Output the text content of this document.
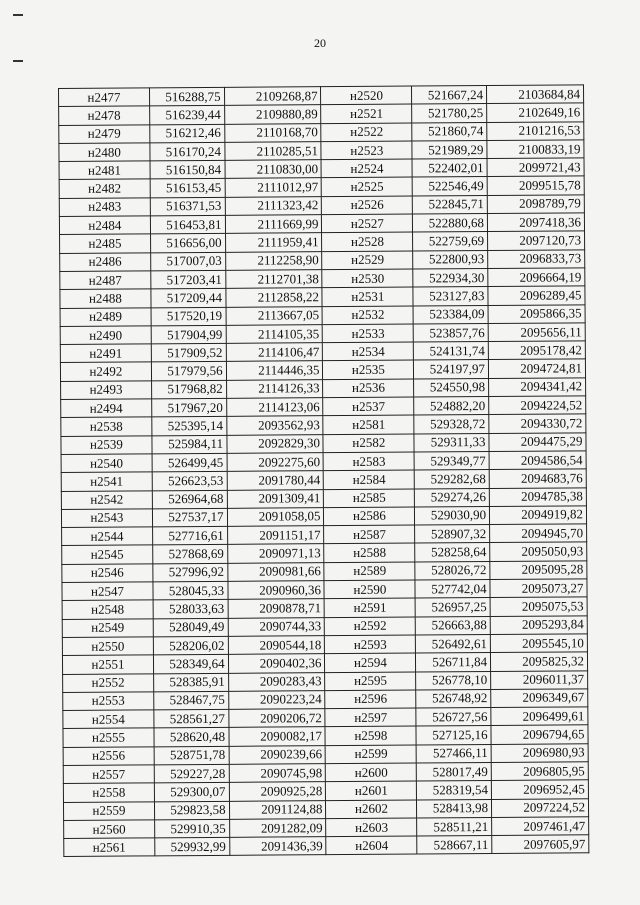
20
н2477	516288,75	2109268,87	н2520	521667,24	2103684,84
н2478	516239,44	2109880,89	н2521	521780,25	2102649,16
н2479	516212,46	2110168,70	н2522	521860,74	2101216,53
н2480	516170,24	2110285,51	н2523	521989,29	2100833,19
н2481	516150,84	2110830,00	н2524	522402,01	2099721,43
н2482	516153,45	2111012,97	н2525	522546,49	2099515,78
н2483	516371,53	2111323,42	н2526	522845,71	2098789,79
н2484	516453,81	2111669,99	н2527	522880,68	2097418,36
н2485	516656,00	2111959,41	н2528	522759,69	2097120,73
н2486	517007,03	2112258,90	н2529	522800,93	2096833,73
н2487	517203,41	2112701,38	н2530	522934,30	2096664,19
н2488	517209,44	2112858,22	н2531	523127,83	2096289,45
н2489	517520,19	2113667,05	н2532	523384,09	2095866,35
н2490	517904,99	2114105,35	н2533	523857,76	2095656,11
н2491	517909,52	2114106,47	н2534	524131,74	2095178,42
н2492	517979,56	2114446,35	н2535	524197,97	2094724,81
н2493	517968,82	2114126,33	н2536	524550,98	2094341,42
н2494	517967,20	2114123,06	н2537	524882,20	2094224,52
н2538	525395,14	2093562,93	н2581	529328,72	2094330,72
н2539	525984,11	2092829,30	н2582	529311,33	2094475,29
н2540	526499,45	2092275,60	н2583	529349,77	2094586,54
н2541	526623,53	2091780,44	н2584	529282,68	2094683,76
н2542	526964,68	2091309,41	н2585	529274,26	2094785,38
н2543	527537,17	2091058,05	н2586	529030,90	2094919,82
н2544	527716,61	2091151,17	н2587	528907,32	2094945,70
н2545	527868,69	2090971,13	н2588	528258,64	2095050,93
н2546	527996,92	2090981,66	н2589	528026,72	2095095,28
н2547	528045,33	2090960,36	н2590	527742,04	2095073,27
н2548	528033,63	2090878,71	н2591	526957,25	2095075,53
н2549	528049,49	2090744,33	н2592	526663,88	2095293,84
н2550	528206,02	2090544,18	н2593	526492,61	2095545,10
н2551	528349,64	2090402,36	н2594	526711,84	2095825,32
н2552	528385,91	2090283,43	н2595	526778,10	2096011,37
н2553	528467,75	2090223,24	н2596	526748,92	2096349,67
н2554	528561,27	2090206,72	н2597	526727,56	2096499,61
н2555	528620,48	2090082,17	н2598	527125,16	2096794,65
н2556	528751,78	2090239,66	н2599	527466,11	2096980,93
н2557	529227,28	2090745,98	н2600	528017,49	2096805,95
н2558	529300,07	2090925,28	н2601	528319,54	2096952,45
н2559	529823,58	2091124,88	н2602	528413,98	2097224,52
н2560	529910,35	2091282,09	н2603	528511,21	2097461,47
н2561	529932,99	2091436,39	н2604	528667,11	2097605,97
